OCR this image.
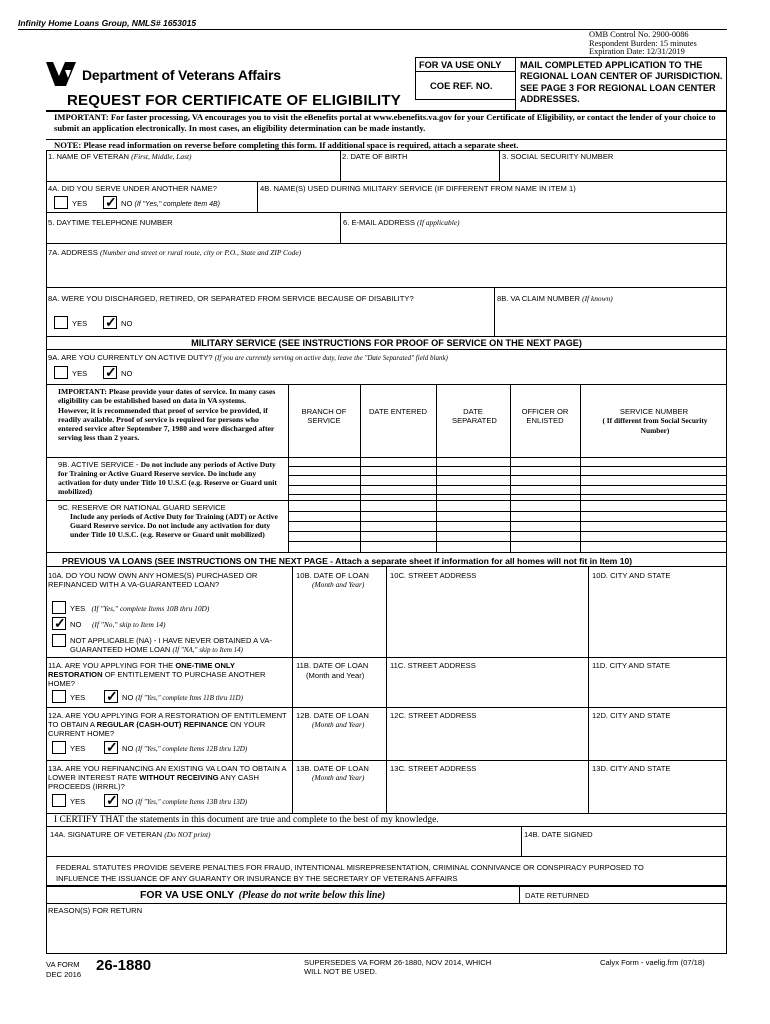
Infinity Home Loans Group, NMLS# 1653015
OMB Control No. 2900-0086
Respondent Burden: 15 minutes
Expiration Date: 12/31/2019
Department of Veterans Affairs
REQUEST FOR CERTIFICATE OF ELIGIBILITY
FOR VA USE ONLY
COE REF. NO.
MAIL COMPLETED APPLICATION TO THE REGIONAL LOAN CENTER OF JURISDICTION. SEE PAGE 3 FOR REGIONAL LOAN CENTER ADDRESSES.
IMPORTANT: For faster processing, VA encourages you to visit the eBenefits portal at www.ebenefits.va.gov for your Certificate of Eligibility, or contact the lender of your choice to submit an application electronically. In most cases, an eligibility determination can be made instantly.
NOTE: Please read information on reverse before completing this form. If additional space is required, attach a separate sheet.
1. NAME OF VETERAN (First, Middle, Last)	2. DATE OF BIRTH	3. SOCIAL SECURITY NUMBER
4A. DID YOU SERVE UNDER ANOTHER NAME?
YES ✓ NO (If "Yes," complete Item 4B)
4B. NAME(S) USED DURING MILITARY SERVICE (IF DIFFERENT FROM NAME IN ITEM 1)
5. DAYTIME TELEPHONE NUMBER	6. E-MAIL ADDRESS (If applicable)
7A. ADDRESS (Number and street or rural route, city or P.O., State and ZIP Code)
8A. WERE YOU DISCHARGED, RETIRED, OR SEPARATED FROM SERVICE BECAUSE OF DISABILITY?
YES ✓ NO
8B. VA CLAIM NUMBER (If known)
MILITARY SERVICE (SEE INSTRUCTIONS FOR PROOF OF SERVICE ON THE NEXT PAGE)
9A. ARE YOU CURRENTLY ON ACTIVE DUTY? (If you are currently serving on active duty, leave the "Date Separated" field blank)
YES ✓ NO
IMPORTANT: Please provide your dates of service. In many cases eligibility can be established based on data in VA systems. However, it is recommended that proof of service be provided, if readily available. Proof of service is required for persons who entered service after September 7, 1980 and were discharged after serving less than 2 years.
BRANCH OF SERVICE
DATE ENTERED	DATE SEPARATED
OFFICER OR ENLISTED
SERVICE NUMBER
( If different from Social Security Number)
9B. ACTIVE SERVICE - Do not include any periods of Active Duty for Training or Active Guard Reserve service. Do include any activation for duty under Title 10 U.S.C (e.g. Reserve or Guard unit mobilized)
9C. RESERVE OR NATIONAL GUARD SERVICE
Include any periods of Active Duty for Training (ADT) or Active Guard Reserve service. Do not include any activation for duty under Title 10 U.S.C. (e.g. Reserve or Guard unit mobilized)
PREVIOUS VA LOANS (SEE INSTRUCTIONS ON THE NEXT PAGE - Attach a separate sheet if information for all homes will not fit in Item 10)
10A. DO YOU NOW OWN ANY HOMES(S) PURCHASED OR REFINANCED WITH A VA-GUARANTEED LOAN?
10B. DATE OF LOAN
(Month and Year)
10C. STREET ADDRESS	10D. CITY AND STATE
YES (If "Yes," complete Items 10B thru 10D)
✓ NO (If "No," skip to Item 14)
NOT APPLICABLE (NA) - I HAVE NEVER OBTAINED A VA-GUARANTEED HOME LOAN (If "NA," skip to Item 14)
11A. ARE YOU APPLYING FOR THE ONE-TIME ONLY RESTORATION OF ENTITLEMENT TO PURCHASE ANOTHER HOME?
11B. DATE OF LOAN
(Month and Year)
11C. STREET ADDRESS	11D. CITY AND STATE
YES ✓ NO (If "Yes," complete Itms 11B thru 11D)
12A. ARE YOU APPLYING FOR A RESTORATION OF ENTITLEMENT TO OBTAIN A REGULAR (CASH-OUT) REFINANCE ON YOUR CURRENT HOME?
12B. DATE OF LOAN
(Month and Year)
12C. STREET ADDRESS	12D. CITY AND STATE
YES ✓ NO (If "Yes," complete Items 12B thru 12D)
13A. ARE YOU REFINANCING AN EXISTING VA LOAN TO OBTAIN A LOWER INTEREST RATE WITHOUT RECEIVING ANY CASH PROCEEDS (IRRRL)?
13B. DATE OF LOAN
(Month and Year)
13C. STREET ADDRESS	13D. CITY AND STATE
YES ✓ NO (If "Yes," complete Items 13B thru 13D)
I CERTIFY THAT the statements in this document are true and complete to the best of my knowledge.
14A. SIGNATURE OF VETERAN (Do NOT print)	14B. DATE SIGNED
FEDERAL STATUTES PROVIDE SEVERE PENALTIES FOR FRAUD, INTENTIONAL MISREPRESENTATION, CRIMINAL CONNIVANCE OR CONSPIRACY PURPOSED TO INFLUENCE THE ISSUANCE OF ANY GUARANTY OR INSURANCE BY THE SECRETARY OF VETERANS AFFAIRS
FOR VA USE ONLY (Please do not write below this line)	DATE RETURNED
REASON(S) FOR RETURN
VA FORM
DEC 2016
26-1880	SUPERSEDES VA FORM 26-1880, NOV 2014, WHICH WILL NOT BE USED.
Calyx Form - vaelig.frm (07/18)
